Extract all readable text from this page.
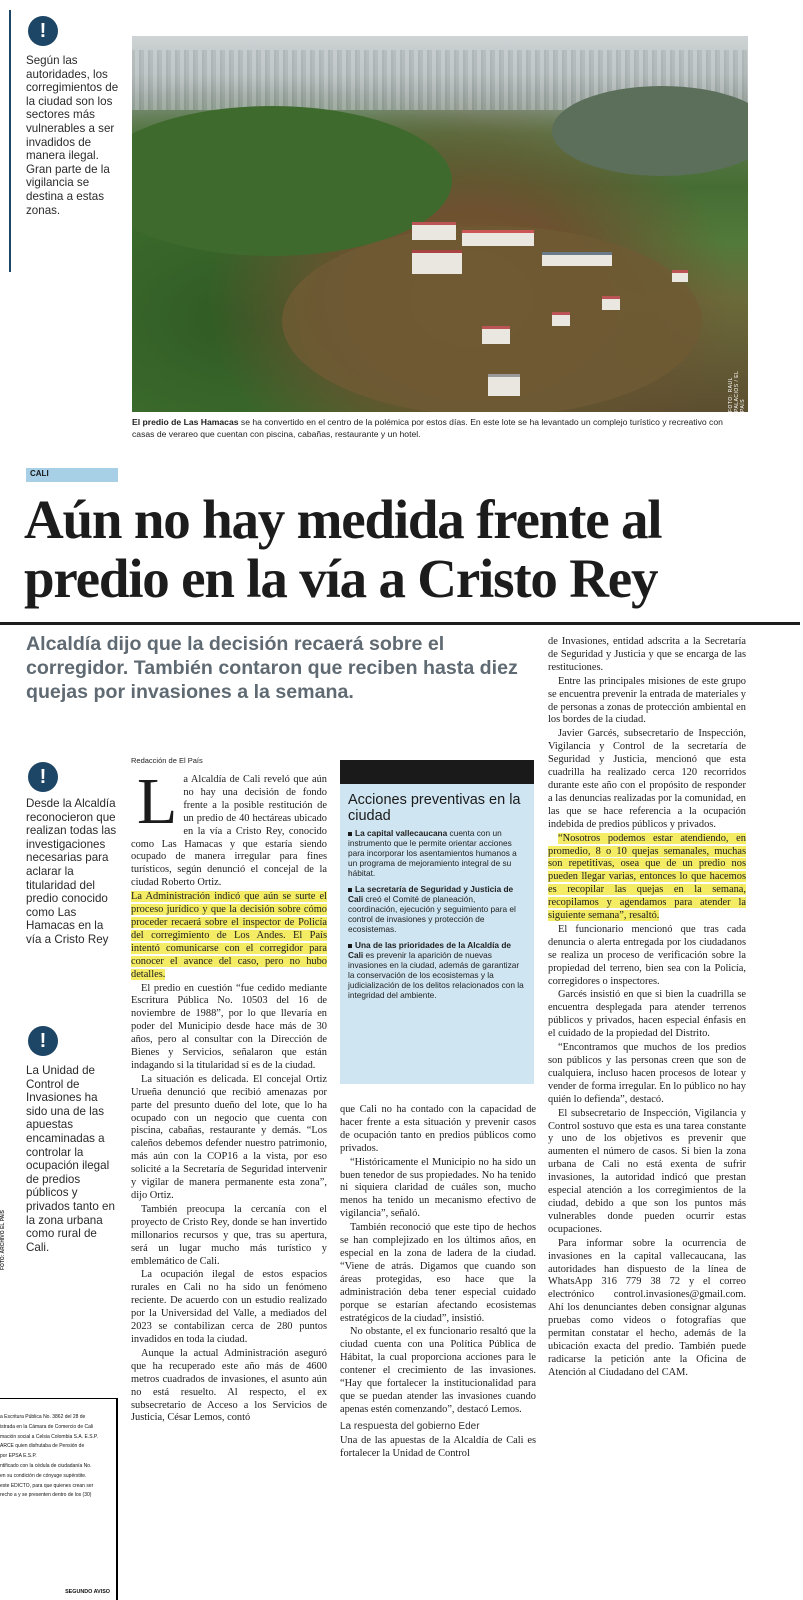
FOTO: RAUL PALACIOS / EL PAÍS
El predio de Las Hamacas se ha convertido en el centro de la polémica por estos días. En este lote se ha levantado un complejo turístico y recreativo con casas de verareo que cuentan con piscina, cabañas, restaurante y un hotel.
!
Según las autoridades, los corregimientos de la ciudad son los sectores más vulnerables a ser invadidos de manera ilegal. Gran parte de la vigilancia se destina a estas zonas.
!
Desde la Alcaldía reconocieron que realizan todas las investigaciones necesarias para aclarar la titularidad del predio conocido como Las Hamacas en la vía a Cristo Rey
!
La Unidad de Control de Invasiones ha sido una de las apuestas encaminadas a controlar la ocupación ilegal de predios públicos y privados tanto en la zona urbana como rural de Cali.
FOTO: ARCHIVO EL PAÍS
CALI
Aún no hay medida frente al predio en la vía a Cristo Rey
Alcaldía dijo que la decisión recaerá sobre el corregidor. También contaron que reciben hasta diez quejas por invasiones a la semana.
Redacción de El País
L a Alcaldía de Cali reveló que aún no hay una decisión de fondo frente a la posible restitución de un predio de 40 hectáreas ubicado en la vía a Cristo Rey, conocido como Las Hamacas y que estaría siendo ocupado de manera irregular para fines turísticos, según denunció el concejal de la ciudad Roberto Ortiz.

La Administración indicó que aún se surte el proceso jurídico y que la decisión sobre cómo proceder recaerá sobre el inspector de Policía del corregimiento de Los Andes. El País intentó comunicarse con el corregidor para conocer el avance del caso, pero no hubo detalles.

El predio en cuestión “fue cedido mediante Escritura Pública No. 10503 del 16 de noviembre de 1988”, por lo que llevaría en poder del Municipio desde hace más de 30 años, pero al consultar con la Dirección de Bienes y Servicios, señalaron que están indagando si la titularidad sí es de la ciudad.

La situación es delicada. El concejal Ortiz Urueña denunció que recibió amenazas por parte del presunto dueño del lote, que lo ha ocupado con un negocio que cuenta con piscina, cabañas, restaurante y demás. “Los caleños debemos defender nuestro patrimonio, más aún con la COP16 a la vista, por eso solicité a la Secretaría de Seguridad intervenir y vigilar de manera permanente esta zona”, dijo Ortiz.

También preocupa la cercanía con el proyecto de Cristo Rey, donde se han invertido millonarios recursos y que, tras su apertura, será un lugar mucho más turístico y emblemático de Cali.

La ocupación ilegal de estos espacios rurales en Cali no ha sido un fenómeno reciente. De acuerdo con un estudio realizado por la Universidad del Valle, a mediados del 2023 se contabilizan cerca de 280 puntos invadidos en toda la ciudad.

Aunque la actual Administración aseguró que ha recuperado este año más de 4600 metros cuadrados de invasiones, el asunto aún no está resuelto. Al respecto, el ex subsecretario de Acceso a los Servicios de Justicia, César Lemos, contó

Acciones preventivas en la ciudad
La capital vallecaucana cuenta con un instrumento que le permite orientar acciones para incorporar los asentamientos humanos a un programa de mejoramiento integral de su hábitat.
La secretaría de Seguridad y Justicia de Cali creó el Comité de planeación, coordinación, ejecución y seguimiento para el control de invasiones y protección de ecosistemas.
Una de las prioridades de la Alcaldía de Cali es prevenir la aparición de nuevas invasiones en la ciudad, además de garantizar la conservación de los ecosistemas y la judicialización de los delitos relacionados con la integridad del ambiente.

que Cali no ha contado con la capacidad de hacer frente a esta situación y prevenir casos de ocupación tanto en predios públicos como privados.

“Históricamente el Municipio no ha sido un buen tenedor de sus propiedades. No ha tenido ni siquiera claridad de cuáles son, mucho menos ha tenido un mecanismo efectivo de vigilancia”, señaló.

También reconoció que este tipo de hechos se han complejizado en los últimos años, en especial en la zona de ladera de la ciudad. “Viene de atrás. Digamos que cuando son áreas protegidas, eso hace que la administración deba tener especial cuidado porque se estarían afectando ecosistemas estratégicos de la ciudad”, insistió.

No obstante, el ex funcionario resaltó que la ciudad cuenta con una Política Pública de Hábitat, la cual proporciona acciones para le contener el crecimiento de las invasiones. “Hay que fortalecer la institucionalidad para que se puedan atender las invasiones cuando apenas estén comenzando”, destacó Lemos.

La respuesta del gobierno Eder

Una de las apuestas de la Alcaldía de Cali es fortalecer la Unidad de Control

de Invasiones, entidad adscrita a la Secretaría de Seguridad y Justicia y que se encarga de las restituciones.

Entre las principales misiones de este grupo se encuentra prevenir la entrada de materiales y de personas a zonas de protección ambiental en los bordes de la ciudad.

Javier Garcés, subsecretario de Inspección, Vigilancia y Control de la secretaría de Seguridad y Justicia, mencionó que esta cuadrilla ha realizado cerca 120 recorridos durante este año con el propósito de responder a las denuncias realizadas por la comunidad, en las que se hace referencia a la ocupación indebida de predios públicos y privados.

“Nosotros podemos estar atendiendo, en promedio, 8 o 10 quejas semanales, muchas son repetitivas, osea que de un predio nos pueden llegar varias, entonces lo que hacemos es recopilar las quejas en la semana, recopilamos y agendamos para atender la siguiente semana”, resaltó.

El funcionario mencionó que tras cada denuncia o alerta entregada por los ciudadanos se realiza un proceso de verificación sobre la propiedad del terreno, bien sea con la Policía, corregidores o inspectores.

Garcés insistió en que si bien la cuadrilla se encuentra desplegada para atender terrenos públicos y privados, hacen especial énfasis en el cuidado de la propiedad del Distrito.

“Encontramos que muchos de los predios son públicos y las personas creen que son de cualquiera, incluso hacen procesos de lotear y vender de forma irregular. En lo público no hay quién lo defienda”, destacó.

El subsecretario de Inspección, Vigilancia y Control sostuvo que esta es una tarea constante y uno de los objetivos es prevenir que aumenten el número de casos. Si bien la zona urbana de Cali no está exenta de sufrir invasiones, la autoridad indicó que prestan especial atención a los corregimientos de la ciudad, debido a que son los puntos más vulnerables donde pueden ocurrir estas ocupaciones.

Para informar sobre la ocurrencia de invasiones en la capital vallecaucana, las autoridades han dispuesto de la línea de WhatsApp 316 779 38 72 y el correo electrónico control.invasiones@gmail.com. Ahí los denunciantes deben consignar algunas pruebas como videos o fotografías que permitan constatar el hecho, además de la ubicación exacta del predio. También puede radicarse la petición ante la Oficina de Atención al Ciudadano del CAM.

a Escritura Pública No. 3862 del 28 de
istrada en la Cámara de Comercio de Cali
mación social a Celsia Colombia S.A. E.S.P.
ARCE quien disfrutaba de Pensión de
por EPSA E.S.P.
ntificado con la cédula de ciudadanía No.
en su condición de cónyuge supérstite.
este EDICTO, para que quienes crean ser
recho a y se presenten dentro de los (30)
SEGUNDO AVISO
